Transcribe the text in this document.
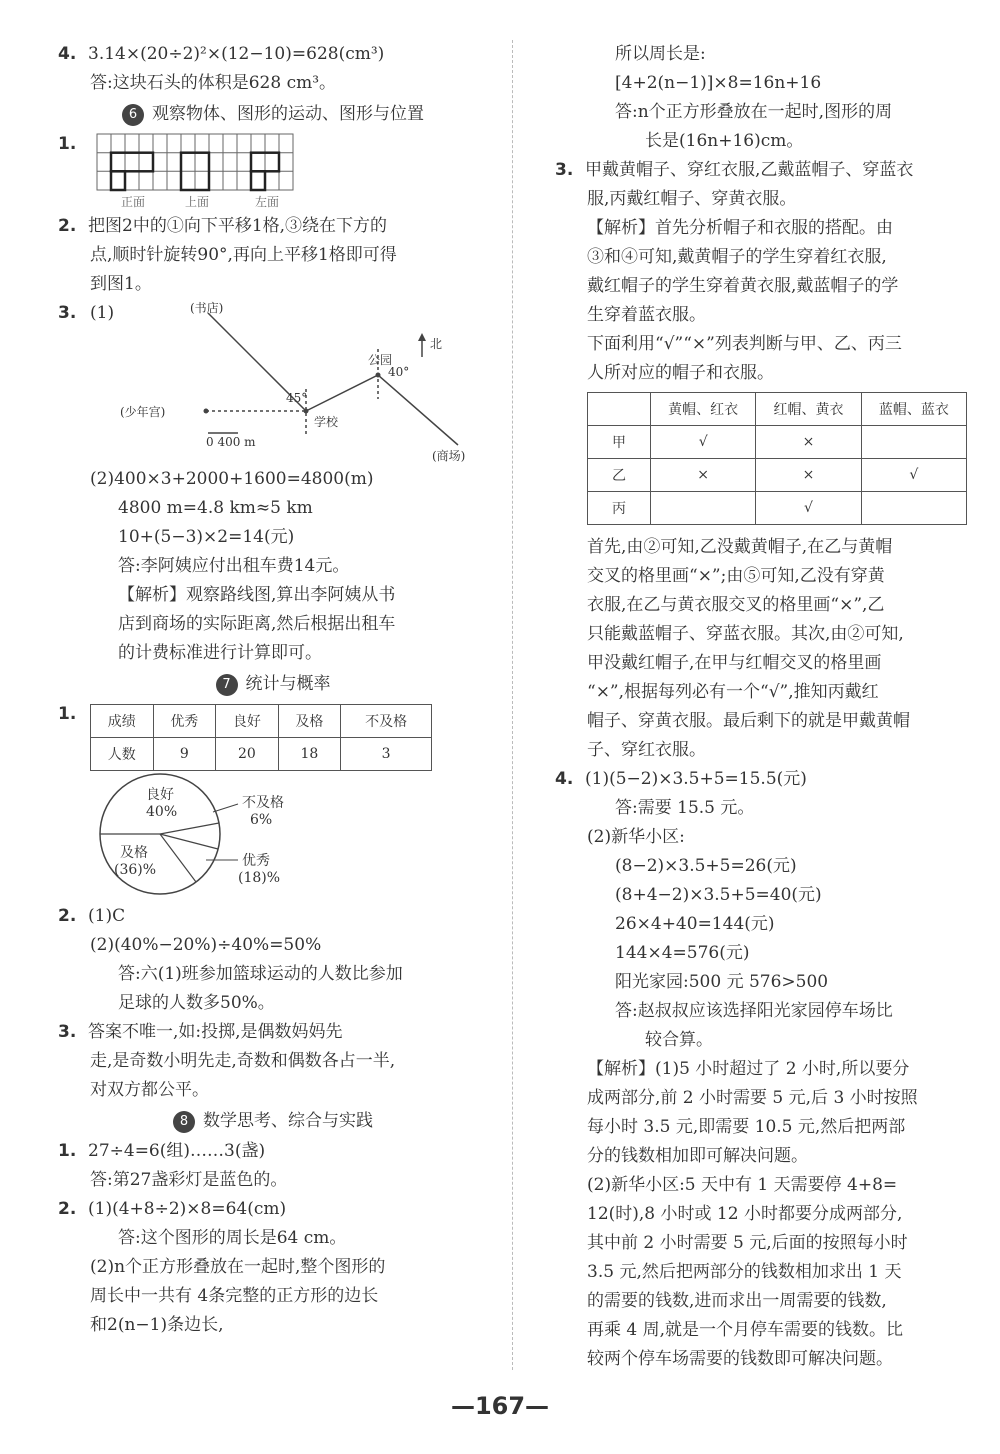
4. 3.14×(20÷2)²×(12−10)=628(cm³)
答:这块石头的体积是628 cm³。
6 观察物体、图形的运动、图形与位置
1.
正面	上面	左面
2. 把图2中的①向下平移1格,③绕在下方的
点,顺时针旋转90°,再向上平移1格即可得
到图1。
3. (1)	(书店)
公园
北
45°
40°
(少年宫)
学校
(商场)
0 400 m
(2)400×3+2000+1600=4800(m)
4800 m=4.8 km≈5 km
10+(5−3)×2=14(元)
答:李阿姨应付出租车费14元。
【解析】观察路线图,算出李阿姨从书
店到商场的实际距离,然后根据出租车
的计费标准进行计算即可。
7 统计与概率
1.	成绩	优秀	良好	及格	不及格
人数	9	20	18	3
良好
40%
不及格
6%
及格
(36)%
优秀
(18)%
2. (1)C
(2)(40%−20%)÷40%=50%
答:六(1)班参加篮球运动的人数比参加
足球的人数多50%。
3. 答案不唯一,如:投掷,是偶数妈妈先
走,是奇数小明先走,奇数和偶数各占一半,
对双方都公平。
8 数学思考、综合与实践
1. 27÷4=6(组)……3(盏)
答:第27盏彩灯是蓝色的。
2. (1)(4+8÷2)×8=64(cm)
答:这个图形的周长是64 cm。
(2)n个正方形叠放在一起时,整个图形的
周长中一共有 4条完整的正方形的边长
和2(n−1)条边长,
所以周长是:
[4+2(n−1)]×8=16n+16
答:n个正方形叠放在一起时,图形的周
长是(16n+16)cm。
3. 甲戴黄帽子、穿红衣服,乙戴蓝帽子、穿蓝衣
服,丙戴红帽子、穿黄衣服。
【解析】首先分析帽子和衣服的搭配。由
③和④可知,戴黄帽子的学生穿着红衣服,
戴红帽子的学生穿着黄衣服,戴蓝帽子的学
生穿着蓝衣服。
下面利用“√”“×”列表判断与甲、乙、丙三
人所对应的帽子和衣服。
	黄帽、红衣	红帽、黄衣	蓝帽、蓝衣
甲	√	×	
乙	×	×	√
丙		√	
首先,由②可知,乙没戴黄帽子,在乙与黄帽
交叉的格里画“×”;由⑤可知,乙没有穿黄
衣服,在乙与黄衣服交叉的格里画“×”,乙
只能戴蓝帽子、穿蓝衣服。其次,由②可知,
甲没戴红帽子,在甲与红帽交叉的格里画
“×”,根据每列必有一个“√”,推知丙戴红
帽子、穿黄衣服。最后剩下的就是甲戴黄帽
子、穿红衣服。
4. (1)(5−2)×3.5+5=15.5(元)
答:需要 15.5 元。
(2)新华小区:
(8−2)×3.5+5=26(元)
(8+4−2)×3.5+5=40(元)
26×4+40=144(元)
144×4=576(元)
阳光家园:500 元 576>500
答:赵叔叔应该选择阳光家园停车场比
较合算。
【解析】(1)5 小时超过了 2 小时,所以要分
成两部分,前 2 小时需要 5 元,后 3 小时按照
每小时 3.5 元,即需要 10.5 元,然后把两部
分的钱数相加即可解决问题。
(2)新华小区:5 天中有 1 天需要停 4+8=
12(时),8 小时或 12 小时都要分成两部分,
其中前 2 小时需要 5 元,后面的按照每小时
3.5 元,然后把两部分的钱数相加求出 1 天
的需要的钱数,进而求出一周需要的钱数,
再乘 4 周,就是一个月停车需要的钱数。比
较两个停车场需要的钱数即可解决问题。
—167—
